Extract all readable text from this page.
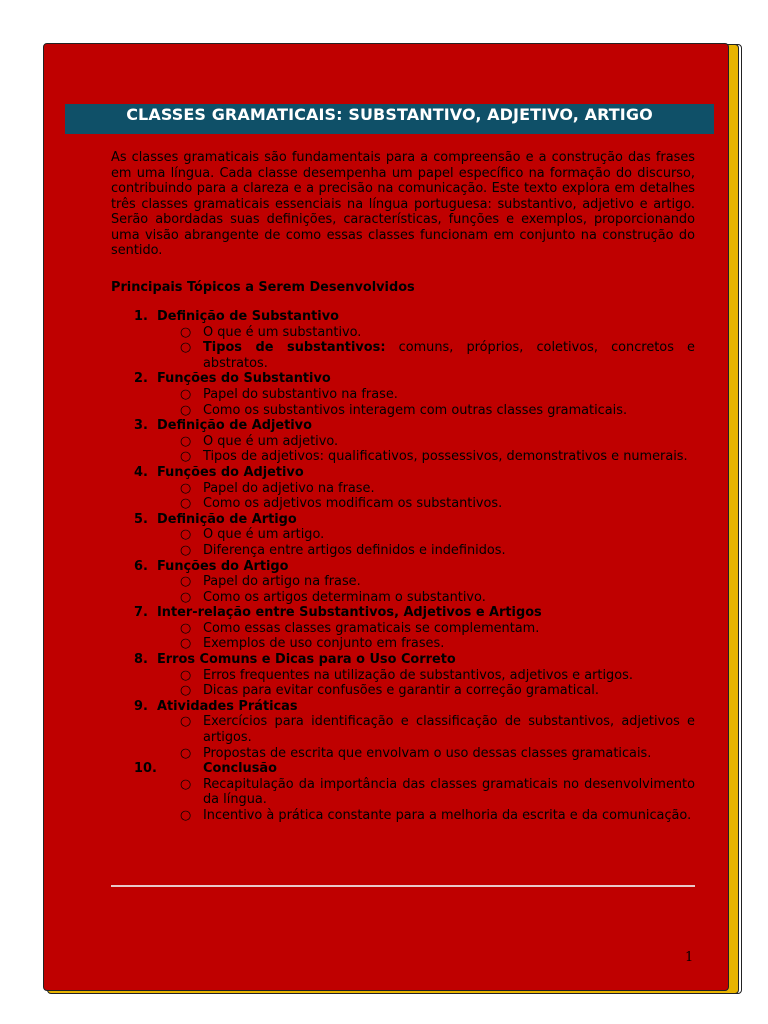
CLASSES GRAMATICAIS: SUBSTANTIVO, ADJETIVO, ARTIGO

As classes gramaticais são fundamentais para a compreensão e a construção das frases em uma língua. Cada classe desempenha um papel específico na formação do discurso, contribuindo para a clareza e a precisão na comunicação. Este texto explora em detalhes três classes gramaticais essenciais na língua portuguesa: substantivo, adjetivo e artigo. Serão abordadas suas definições, características, funções e exemplos, proporcionando uma visão abrangente de como essas classes funcionam em conjunto na construção do sentido.

Principais Tópicos a Serem Desenvolvidos

1. Definição de Substantivo
○ O que é um substantivo.
○ Tipos de substantivos: comuns, próprios, coletivos, concretos e abstratos.
2. Funções do Substantivo
○ Papel do substantivo na frase.
○ Como os substantivos interagem com outras classes gramaticais.
3. Definição de Adjetivo
○ O que é um adjetivo.
○ Tipos de adjetivos: qualificativos, possessivos, demonstrativos e numerais.
4. Funções do Adjetivo
○ Papel do adjetivo na frase.
○ Como os adjetivos modificam os substantivos.
5. Definição de Artigo
○ O que é um artigo.
○ Diferença entre artigos definidos e indefinidos.
6. Funções do Artigo
○ Papel do artigo na frase.
○ Como os artigos determinam o substantivo.
7. Inter-relação entre Substantivos, Adjetivos e Artigos
○ Como essas classes gramaticais se complementam.
○ Exemplos de uso conjunto em frases.
8. Erros Comuns e Dicas para o Uso Correto
○ Erros frequentes na utilização de substantivos, adjetivos e artigos.
○ Dicas para evitar confusões e garantir a correção gramatical.
9. Atividades Práticas
○ Exercícios para identificação e classificação de substantivos, adjetivos e artigos.
○ Propostas de escrita que envolvam o uso dessas classes gramaticais.
10.	Conclusão
○ Recapitulação da importância das classes gramaticais no desenvolvimento da língua.
○ Incentivo à prática constante para a melhoria da escrita e da comunicação.
1
